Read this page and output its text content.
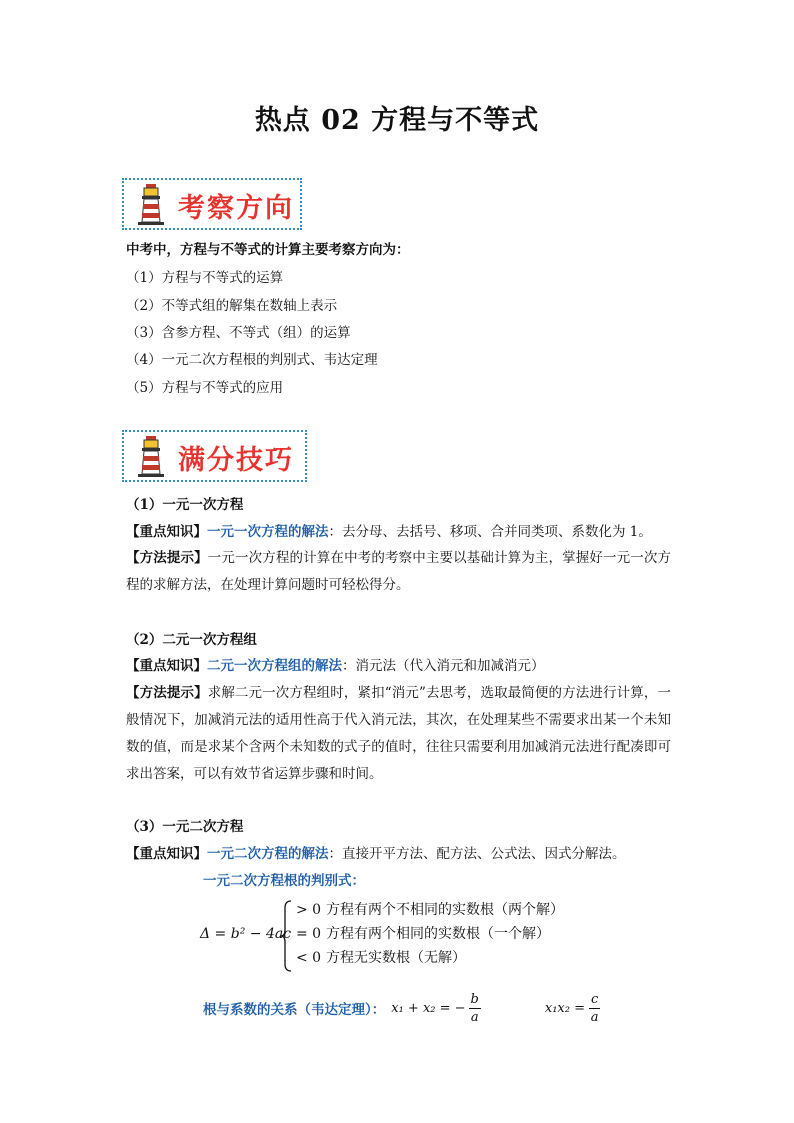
热点 02 方程与不等式
考察方向
中考中，方程与不等式的计算主要考察方向为：
（1）方程与不等式的运算
（2）不等式组的解集在数轴上表示
（3）含参方程、不等式（组）的运算
（4）一元二次方程根的判别式、韦达定理
（5）方程与不等式的应用
满分技巧
（1）一元一次方程
【重点知识】一元一次方程的解法：去分母、去括号、移项、合并同类项、系数化为 1。
【方法提示】一元一次方程的计算在中考的考察中主要以基础计算为主，掌握好一元一次方程的求解方法，在处理计算问题时可轻松得分。
（2）二元一次方程组
【重点知识】二元一次方程组的解法：消元法（代入消元和加减消元）
【方法提示】求解二元一次方程组时，紧扣“消元”去思考，选取最简便的方法进行计算，一般情况下，加减消元法的适用性高于代入消元法，其次，在处理某些不需要求出某一个未知数的值，而是求某个含两个未知数的式子的值时，往往只需要利用加减消元法进行配凑即可求出答案，可以有效节省运算步骤和时间。
（3）一元二次方程
【重点知识】一元二次方程的解法：直接开平方法、配方法、公式法、因式分解法。
一元二次方程根的判别式：
Δ = b² − 4ac
> 0 方程有两个不相同的实数根（两个解）
= 0 方程有两个相同的实数根（一个解）
< 0 方程无实数根（无解）
根与系数的关系（韦达定理）： x₁ + x₂ = − $\frac{b}{a}$	$x_1x_2 = \frac{c}{a}$
